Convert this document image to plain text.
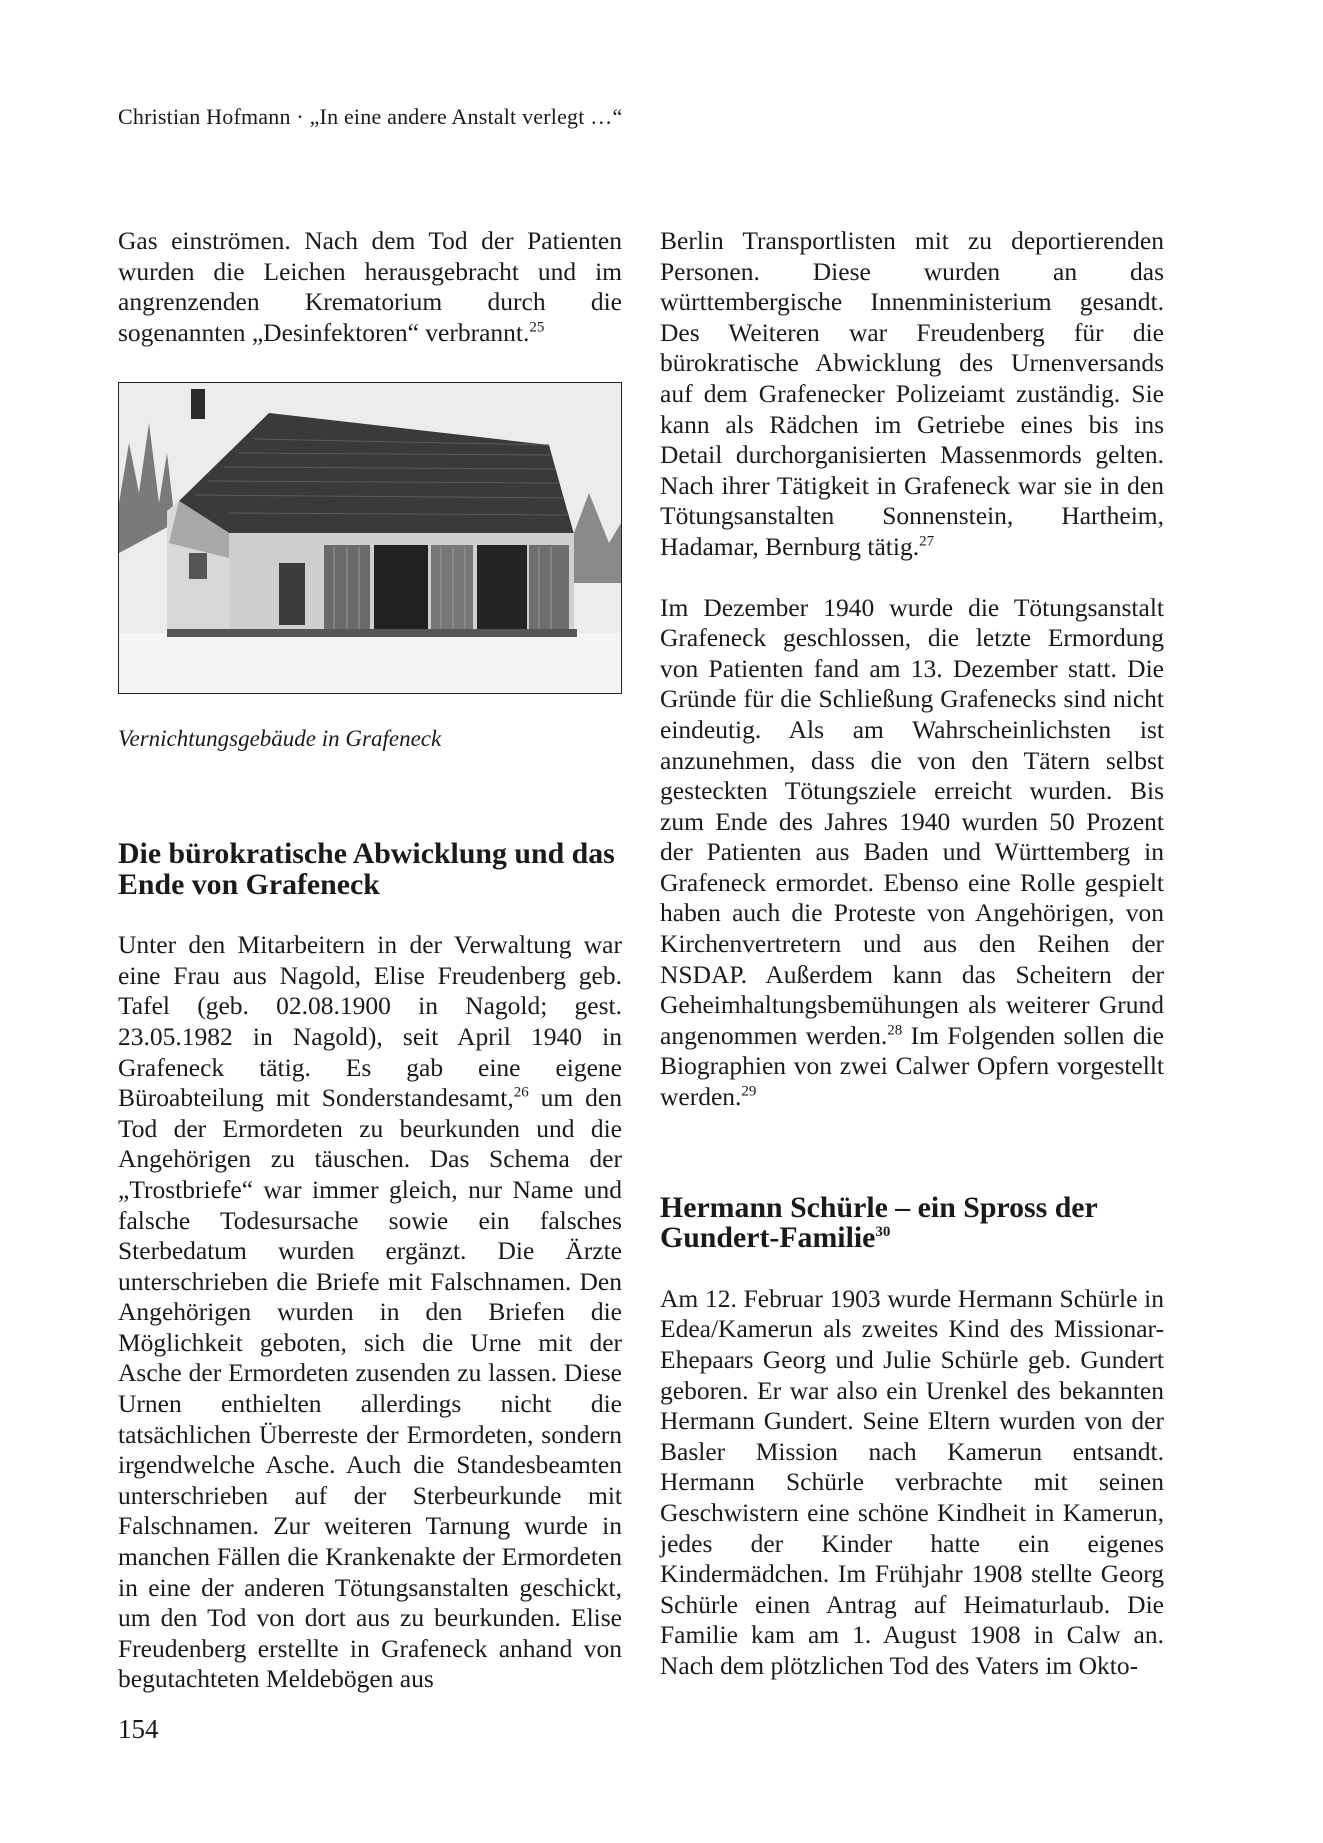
Christian Hofmann · „In eine andere Anstalt verlegt …“

Gas einströmen. Nach dem Tod der Patienten wurden die Leichen herausgebracht und im angrenzenden Krematorium durch die sogenannten „Desinfektoren“ verbrannt.$^{25}$

Vernichtungsgebäude in Grafeneck
Die bürokratische Abwicklung und das Ende von Grafeneck

Unter den Mitarbeitern in der Verwaltung war eine Frau aus Nagold, Elise Freudenberg geb. Tafel (geb. 02.08.1900 in Nagold; gest. 23.05.1982 in Nagold), seit April 1940 in Grafeneck tätig. Es gab eine eigene Büroabteilung mit Sonderstandesamt,$^{26}$ um den Tod der Ermordeten zu beurkunden und die Angehörigen zu täuschen. Das Schema der „Trostbriefe“ war immer gleich, nur Name und falsche Todesursache sowie ein falsches Sterbedatum wurden ergänzt. Die Ärzte unterschrieben die Briefe mit Falschnamen. Den Angehörigen wurden in den Briefen die Möglichkeit geboten, sich die Urne mit der Asche der Ermordeten zusenden zu lassen. Diese Urnen enthielten allerdings nicht die tatsächlichen Überreste der Ermordeten, sondern irgendwelche Asche. Auch die Standesbeamten unterschrieben auf der Sterbeurkunde mit Falschnamen. Zur weiteren Tarnung wurde in manchen Fällen die Krankenakte der Ermordeten in eine der anderen Tötungsanstalten geschickt, um den Tod von dort aus zu beurkunden. Elise Freudenberg erstellte in Grafeneck anhand von begutachteten Meldebögen aus

Berlin Transportlisten mit zu deportierenden Personen. Diese wurden an das württembergische Innenministerium gesandt. Des Weiteren war Freudenberg für die bürokratische Abwicklung des Urnenversands auf dem Grafenecker Polizeiamt zuständig. Sie kann als Rädchen im Getriebe eines bis ins Detail durchorganisierten Massenmords gelten. Nach ihrer Tätigkeit in Grafeneck war sie in den Tötungsanstalten Sonnenstein, Hartheim, Hadamar, Bernburg tätig.$^{27}$

Im Dezember 1940 wurde die Tötungsanstalt Grafeneck geschlossen, die letzte Ermordung von Patienten fand am 13. Dezember statt. Die Gründe für die Schließung Grafenecks sind nicht eindeutig. Als am Wahrscheinlichsten ist anzunehmen, dass die von den Tätern selbst gesteckten Tötungsziele erreicht wurden. Bis zum Ende des Jahres 1940 wurden 50 Prozent der Patienten aus Baden und Württemberg in Grafeneck ermordet. Ebenso eine Rolle gespielt haben auch die Proteste von Angehörigen, von Kirchenvertretern und aus den Reihen der NSDAP. Außerdem kann das Scheitern der Geheimhaltungsbemühungen als weiterer Grund angenommen werden.$^{28}$ Im Folgenden sollen die Biographien von zwei Calwer Opfern vorgestellt werden.$^{29}$

Hermann Schürle – ein Spross der Gundert-Familie$^{30}$

Am 12. Februar 1903 wurde Hermann Schürle in Edea/Kamerun als zweites Kind des Missionar-Ehepaars Georg und Julie Schürle geb. Gundert geboren. Er war also ein Urenkel des bekannten Hermann Gundert. Seine Eltern wurden von der Basler Mission nach Kamerun entsandt. Hermann Schürle verbrachte mit seinen Geschwistern eine schöne Kindheit in Kamerun, jedes der Kinder hatte ein eigenes Kindermädchen. Im Frühjahr 1908 stellte Georg Schürle einen Antrag auf Heimaturlaub. Die Familie kam am 1. August 1908 in Calw an. Nach dem plötzlichen Tod des Vaters im Okto-

154
